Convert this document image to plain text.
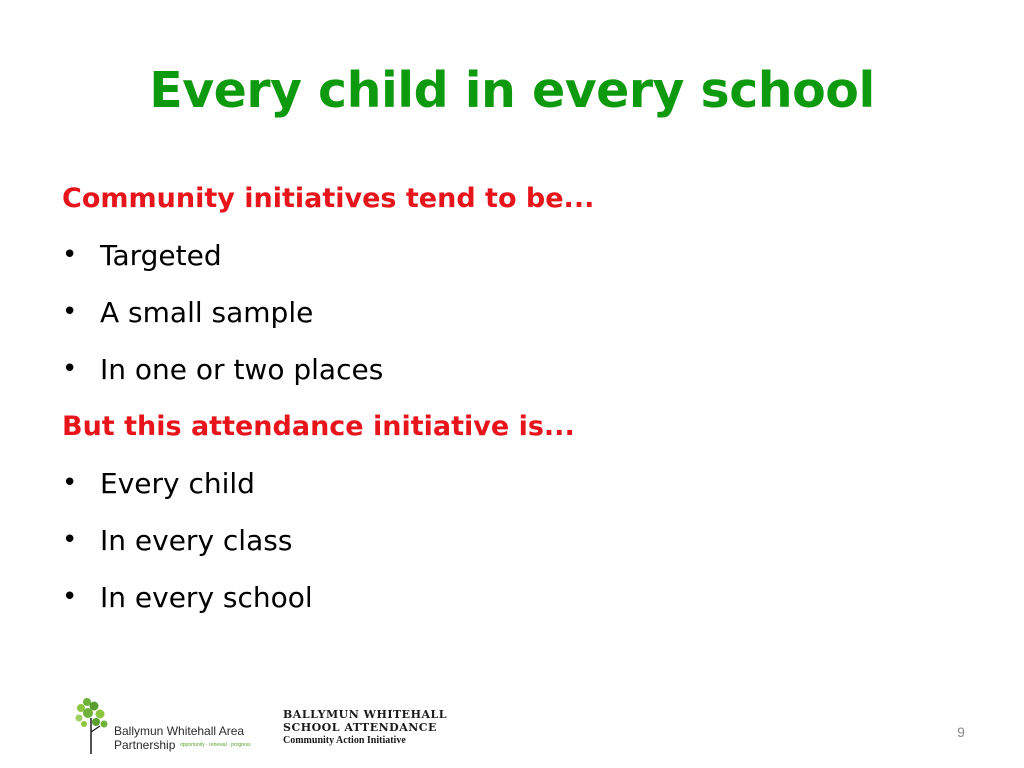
Every child in every school
Community initiatives tend to be...
• Targeted
• A small sample
• In one or two places
But this attendance initiative is...
• Every child
• In every class
• In every school
Ballymun Whitehall Area
Partnership opportunity · renewal · progress
BALLYMUN WHITEHALL
SCHOOL ATTENDANCE
Community Action Initiative
9
